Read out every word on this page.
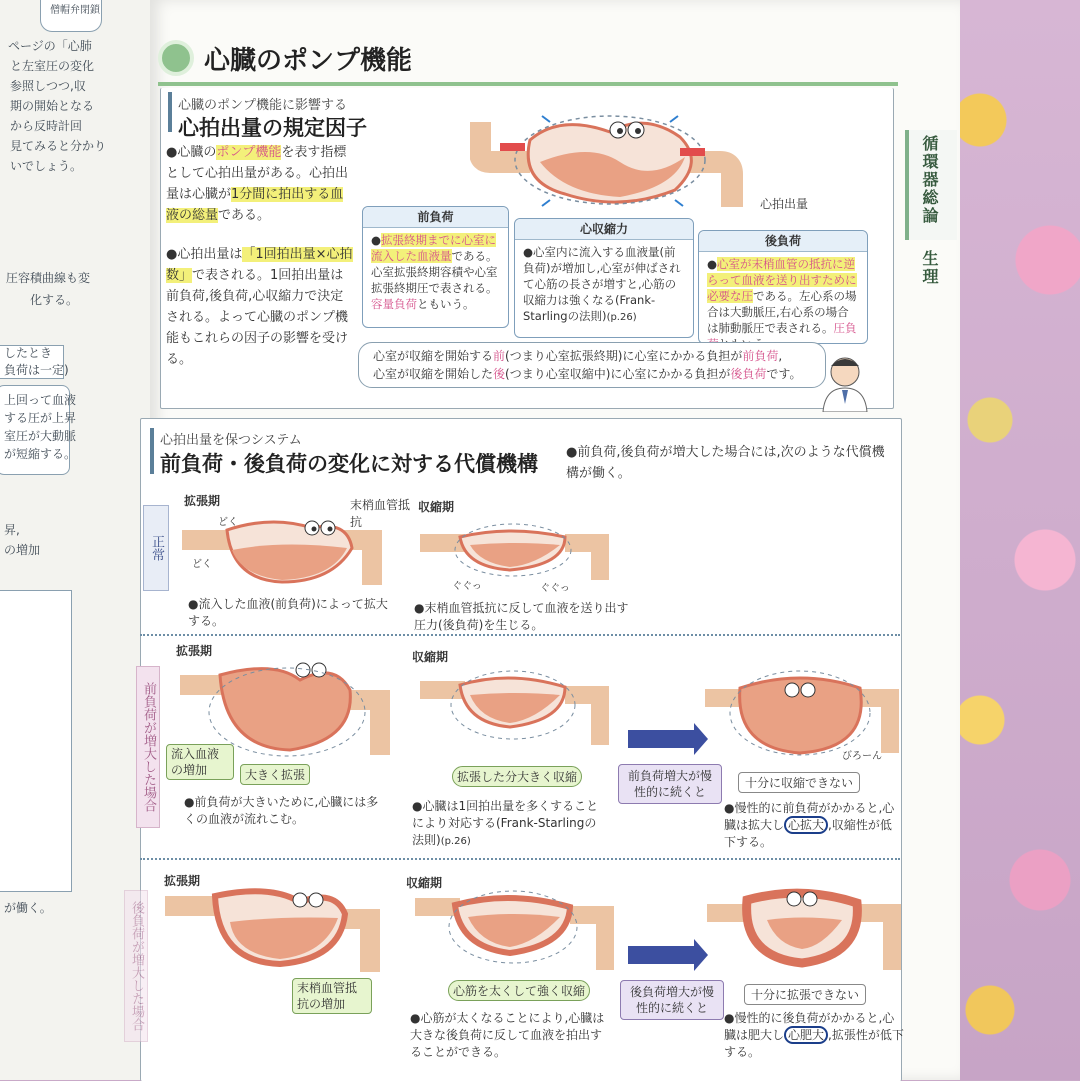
僧帽弁閉鎖
ページの「心肺
と左室圧の変化
参照しつつ,収
期の開始となる
から反時計回
見てみると分かり
いでしょう。
圧容積曲線も変
化する。
したとき
負荷は一定)
上回って血液
する圧が上昇
室圧が大動脈
が短縮する。
昇,
の増加
が働く。
循環器総論
生理
心臓のポンプ機能
心臓のポンプ機能に影響する
心拍出量の規定因子
●心臓のポンプ機能を表す指標として心拍出量がある。心拍出量は心臓が1分間に拍出する血液の総量である。
●心拍出量は「1回拍出量×心拍数」で表される。1回拍出量は前負荷,後負荷,心収縮力で決定される。よって心臓のポンプ機能もこれらの因子の影響を受ける。
心拍出量
前負荷
●拡張終期までに心室に流入した血液量である。心室拡張終期容積や心室拡張終期圧で表される。容量負荷ともいう。
心収縮力
●心室内に流入する血液量(前負荷)が増加し,心室が伸ばされて心筋の長さが増すと,心筋の収縮力は強くなる(Frank-Starlingの法則)(p.26)
後負荷
●心室が末梢血管の抵抗に逆らって血液を送り出すために必要な圧である。左心系の場合は大動脈圧,右心系の場合は肺動脈圧で表される。圧負
心室が収縮を開始する前(つまり心室拡張終期)に心室にかかる負担が前負荷,
心室が収縮を開始した後(つまり心室収縮中)に心室にかかる負担が後負荷です。
心拍出量を保つシステム
前負荷・後負荷の変化に対する代償機構 ●前負荷,後負荷が増大した場合には,次のような代償機構が働く。
正常
拡張期	末梢血管抵抗
収縮期
どく
どく
ぐぐっ	ぐぐっ
●流入した血液(前負荷)によって拡大する。
●末梢血管抵抗に反して血液を送り出す圧力(後負荷)を生じる。
前負荷が増大した場合
拡張期	収縮期
流入血液の増加	大きく拡張	拡張した分大きく収縮	前負荷増大が慢性的に続くと
びろーん
十分に収縮できない
●前負荷が大きいために,心臓には多くの血液が流れこむ。
●心臓は1回拍出量を多くすることにより対応する(Frank-Starlingの法則)(p.26)
●慢性的に前負荷がかかると,心臓は拡大し 心拡大 ,収縮性が低下する。
後負荷が増大した場合
拡張期	収縮期
末梢血管抵抗の増加
心筋を太くして強く収縮	後負荷増大が慢性的に続くと
十分に拡張できない
●心筋が太くなることにより,心臓は大きな後負荷に反して血液を拍出することができる。
●慢性的に後負荷がかかると,心臓は肥大し 心肥大 ,拡張性が低下する。
